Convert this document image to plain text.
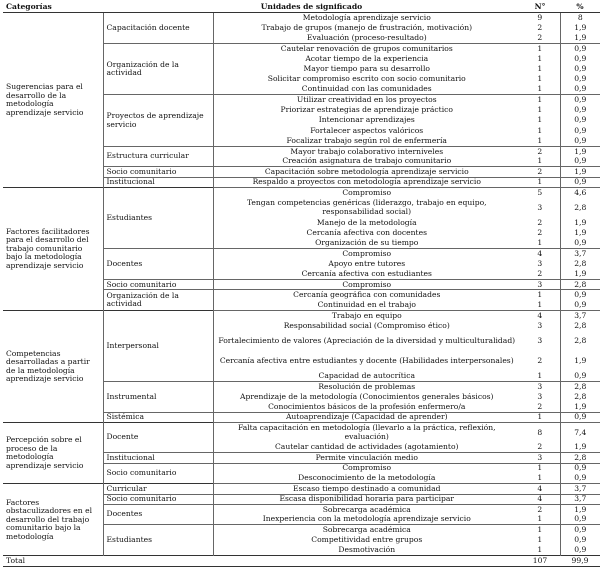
Categorías	Unidades de significado		N°	%
Sugerencias para el desarrollo de la metodología aprendizaje servicio	Capacitación docente	Metodología aprendizaje servicio	9	8
		Trabajo de grupos (manejo de frustración, motivación)	2	1,9
		Evaluación (proceso-resultado)	2	1,9
	Organización de la actividad	Cautelar renovación de grupos comunitarios	1	0,9
		Acotar tiempo de la experiencia	1	0,9
		Mayor tiempo para su desarrollo	1	0,9
		Solicitar compromiso escrito con socio comunitario	1	0,9
		Continuidad con las comunidades	1	0,9
	Proyectos de aprendizaje servicio	Utilizar creatividad en los proyectos	1	0,9
		Priorizar estrategias de aprendizaje práctico	1	0,9
		Intencionar aprendizajes	1	0,9
		Fortalecer aspectos valóricos	1	0,9
		Focalizar trabajo según rol de enfermería	1	0,9
	Estructura curricular	Mayor trabajo colaborativo interniveles	2	1,9
		Creación asignatura de trabajo comunitario	1	0,9
	Socio comunitario	Capacitación sobre metodología aprendizaje servicio	2	1,9
	Institucional	Respaldo a proyectos con metodología aprendizaje servicio	1	0,9
Factores facilitadores para el desarrollo del trabajo comunitario bajo la metodología aprendizaje servicio	Estudiantes	Compromiso	5	4,6
		Tengan competencias genéricas (liderazgo, trabajo en equipo, responsabilidad social)	3	2,8
		Manejo de la metodología	2	1,9
		Cercanía afectiva con docentes	2	1,9
		Organización de su tiempo	1	0,9
	Docentes	Compromiso	4	3,7
		Apoyo entre tutores	3	2,8
		Cercanía afectiva con estudiantes	2	1,9
	Socio comunitario	Compromiso	3	2,8
	Organización de la actividad	Cercanía geográfica con comunidades	1	0,9
		Continuidad en el trabajo	1	0,9
Competencias desarrolladas a partir de la metodología aprendizaje servicio	Interpersonal	Trabajo en equipo	4	3,7
		Responsabilidad social (Compromiso ético)	3	2,8
		Fortalecimiento de valores (Apreciación de la diversidad y multiculturalidad)	3	2,8
		Cercanía afectiva entre estudiantes y docente (Habilidades interpersonales)	2	1,9
		Capacidad de autocrítica	1	0,9
	Instrumental	Resolución de problemas	3	2,8
		Aprendizaje de la metodología (Conocimientos generales básicos)	3	2,8
		Conocimientos básicos de la profesión enfermero/a	2	1,9
	Sistémica	Autoaprendizaje (Capacidad de aprender)	1	0,9
Percepción sobre el proceso de la metodología aprendizaje servicio	Docente	Falta capacitación en metodología (llevarlo a la práctica, reflexión, evaluación)	8	7,4
		Cautelar cantidad de actividades (agotamiento)	2	1,9
	Institucional	Permite vinculación medio	3	2,8
	Socio comunitario	Compromiso	1	0,9
		Desconocimiento de la metodología	1	0,9
Factores obstaculizadores en el desarrollo del trabajo comunitario bajo la metodología	Curricular	Escaso tiempo destinado a comunidad	4	3,7
	Socio comunitario	Escasa disponibilidad horaria para participar	4	3,7
	Docentes	Sobrecarga académica	2	1,9
		Inexperiencia con la metodología aprendizaje servicio	1	0,9
	Estudiantes	Sobrecarga académica	1	0,9
		Competitividad entre grupos	1	0,9
		Desmotivación	1	0,9
Total			107	99,9
